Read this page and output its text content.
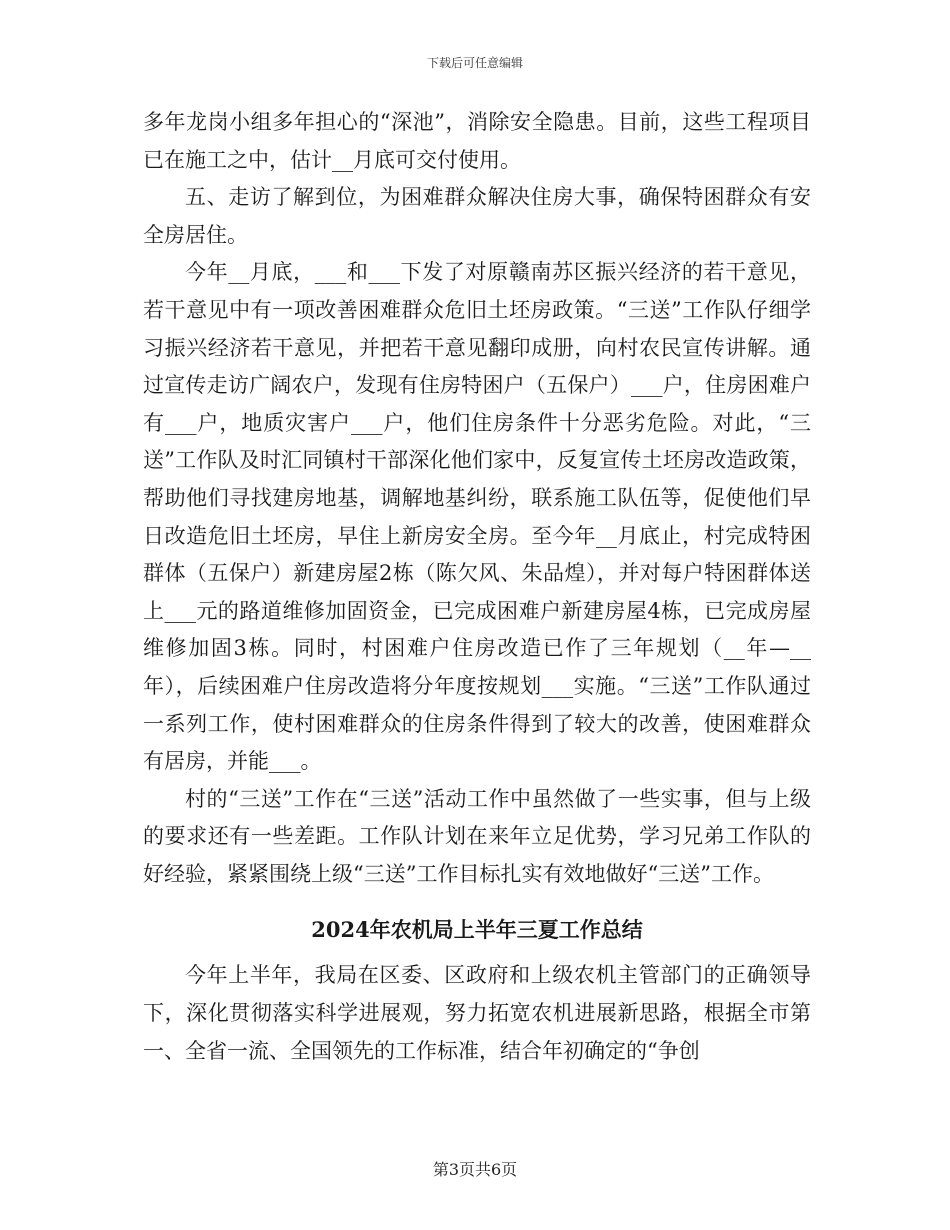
下载后可任意编辑

多年龙岗小组多年担心的“深池”，消除安全隐患。目前，这些工程项目已在施工之中，估计__月底可交付使用。

五、走访了解到位，为困难群众解决住房大事，确保特困群众有安全房居住。

今年__月底，___和___下发了对原赣南苏区振兴经济的若干意见，若干意见中有一项改善困难群众危旧土坯房政策。“三送”工作队仔细学习振兴经济若干意见，并把若干意见翻印成册，向村农民宣传讲解。通过宣传走访广阔农户，发现有住房特困户（五保户）___户，住房困难户有___户，地质灾害户___户，他们住房条件十分恶劣危险。对此，“三送”工作队及时汇同镇村干部深化他们家中，反复宣传土坯房改造政策，帮助他们寻找建房地基，调解地基纠纷，联系施工队伍等，促使他们早日改造危旧土坯房，早住上新房安全房。至今年__月底止，村完成特困群体（五保户）新建房屋2栋（陈欠风、朱品煌），并对每户特困群体送上___元的路道维修加固资金，已完成困难户新建房屋4栋，已完成房屋维修加固3栋。同时，村困难户住房改造已作了三年规划（__年—__年），后续困难户住房改造将分年度按规划___实施。“三送”工作队通过一系列工作，使村困难群众的住房条件得到了较大的改善，使困难群众有居房，并能___。

村的“三送”工作在“三送”活动工作中虽然做了一些实事，但与上级的要求还有一些差距。工作队计划在来年立足优势，学习兄弟工作队的好经验，紧紧围绕上级“三送”工作目标扎实有效地做好“三送”工作。

2024年农机局上半年三夏工作总结

今年上半年，我局在区委、区政府和上级农机主管部门的正确领导下，深化贯彻落实科学进展观，努力拓宽农机进展新思路，根据全市第一、全省一流、全国领先的工作标准，结合年初确定的“争创

第3页共6页
